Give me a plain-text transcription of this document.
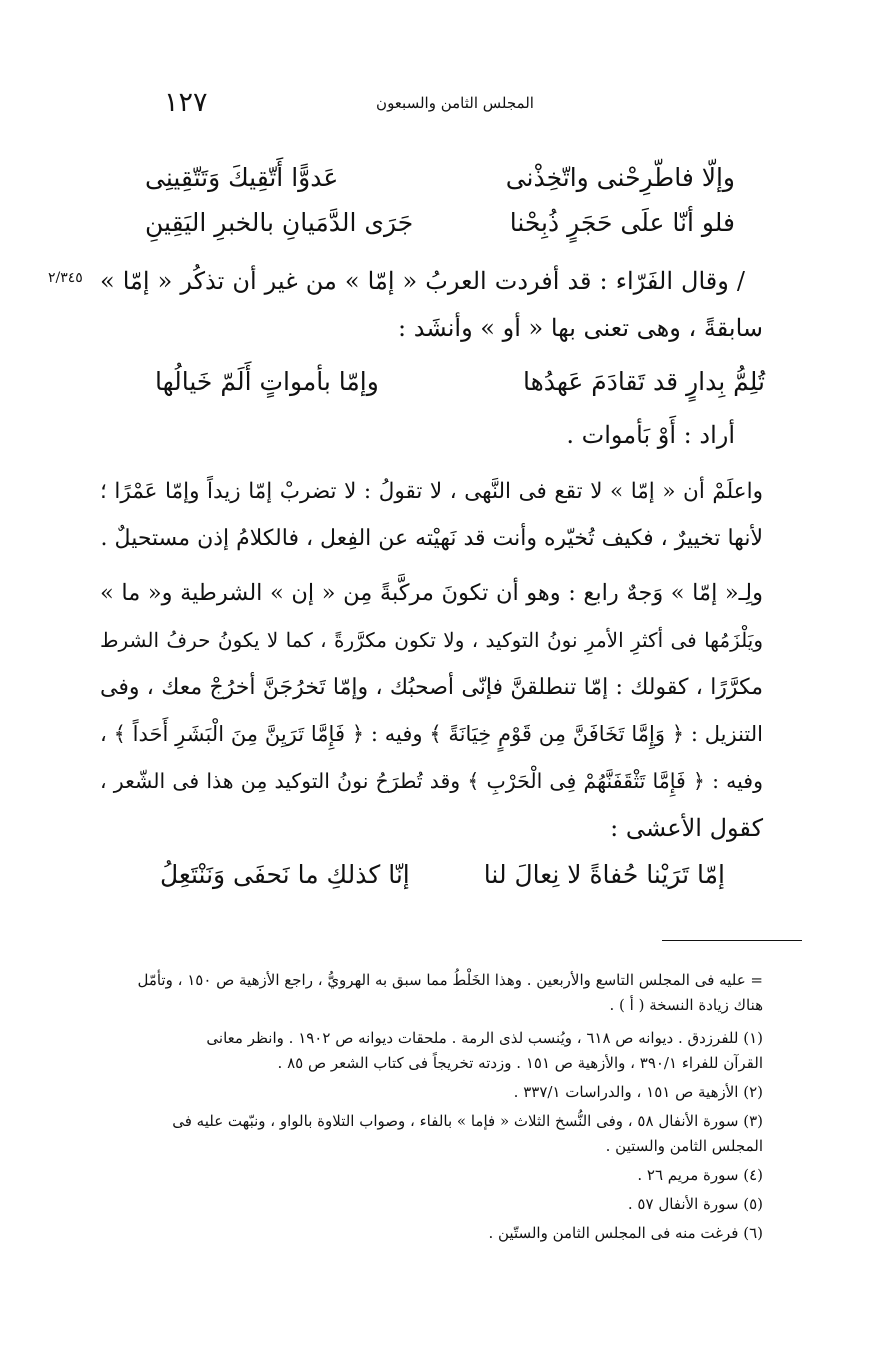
١٢٧	المجلس الثامن والسبعون
وإلّا فاطّرِحْنى واتّخِذْنى
عَدوًّا أَتّقِيكَ وَتَتّقِينِى
فلو أنّا علَى حَجَرٍ ذُبِحْنا
جَرَى الدَّمَيانِ بالخبرِ اليَقِينِ
٢/٣٤٥ / وقال الفَرّاء : قد أفردت العربُ « إمّا » من غير أن تذكُر « إمّا »
سابقةً ، وهى تعنى بها « أو » وأنشَد :
تُلِمُّ بِدارٍ قد تَقادَمَ عَهدُها
وإمّا بأمواتٍ أَلَمّ خَيالُها
أراد : أَوْ بَأموات .
واعلَمْ أن « إمّا » لا تقع فى النَّهى ، لا تقولُ : لا تضربْ إمّا زيداً وإمّا عَمْرًا ؛
لأنها تخييرٌ ، فكيف تُخيّره وأنت قد نَهيْته عن الفِعل ، فالكلامُ إذن مستحيلٌ .
ولِـ« إمّا » وَجهٌ رابع : وهو أن تكونَ مركَّبةً مِن « إن » الشرطية و« ما »
ويَلْزَمُها فى أكثرِ الأمرِ نونُ التوكيد ، ولا تكون مكرَّرةً ، كما لا يكونُ حرفُ الشرط
مكرَّرًا ، كقولك : إمّا تنطلقنَّ فإنّى أصحبُك ، وإمّا تَخرُجَنَّ أخرُجْ معك ، وفى
التنزيل : ﴿ وَإِمَّا تَخَافَنَّ مِن قَوْمٍ خِيَانَةً ﴾ وفيه : ﴿ فَإِمَّا تَرَيِنَّ مِنَ الْبَشَرِ أَحَداً ﴾ ،
وفيه : ﴿ فَإِمَّا تَثْقَفَنَّهُمْ فِى الْحَرْبِ ﴾ وقد تُطرَحُ نونُ التوكيد مِن هذا فى الشّعر ،
كقول الأعشى :
إمّا تَرَيْنا حُفاةً لا نِعالَ لنا
إنّا كذلكِ ما نَحفَى وَنَنْتَعِلُ
= عليه فى المجلس التاسع والأربعين . وهذا الخَلْطُ مما سبق به الهرويُّ ، راجع الأزهية ص ١٥٠ ، وتأمّل
هناك زيادة النسخة ( أ ) .
(١) للفرزدق . ديوانه ص ٦١٨ ، ويُنسب لذى الرمة . ملحقات ديوانه ص ١٩٠٢ . وانظر معانى
القرآن للفراء ٣٩٠/١ ، والأزهية ص ١٥١ . وزدته تخريجاً فى كتاب الشعر ص ٨٥ .
(٢) الأزهية ص ١٥١ ، والدراسات ٣٣٧/١ .
(٣) سورة الأنفال ٥٨ ، وفى النُّسخ الثلاث « فإما » بالفاء ، وصواب التلاوة بالواو ، ونبّهت عليه فى
المجلس الثامن والستين .
(٤) سورة مريم ٢٦ .
(٥) سورة الأنفال ٥٧ .
(٦) فرغت منه فى المجلس الثامن والستّين .
